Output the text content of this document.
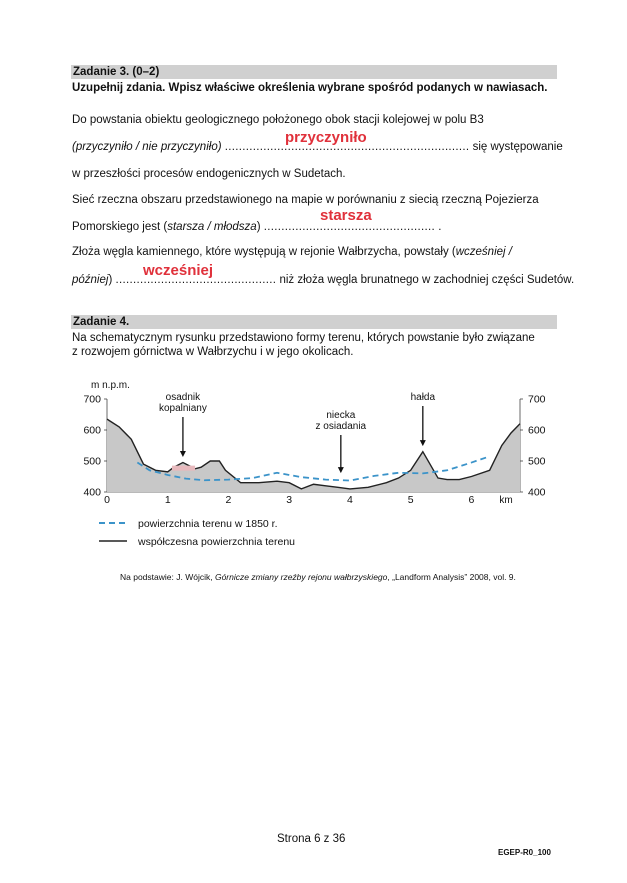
Zadanie 3. (0–2)
Uzupełnij zdania. Wpisz właściwe określenia wybrane spośród podanych w nawiasach.
Do powstania obiektu geologicznego położonego obok stacji kolejowej w polu B3
(przyczyniło / nie przyczyniło) ...................................................................... się występowanie
przyczyniło
w przeszłości procesów endogenicznych w Sudetach.
Sieć rzeczna obszaru przedstawionego na mapie w porównaniu z siecią rzeczną Pojezierza
Pomorskiego jest (starsza / młodsza) ................................................. .
starsza
Złoża węgla kamiennego, które występują w rejonie Wałbrzycha, powstały (wcześniej /
później) .............................................. niż złoża węgla brunatnego w zachodniej części Sudetów.
wcześniej
Zadanie 4.
Na schematycznym rysunku przedstawiono formy terenu, których powstanie było związane
z rozwojem górnictwa w Wałbrzychu i w jego okolicach.
osadnik
kopalniany
niecka
z osiadania
hałda
700	700
600	600
500	500
400	400
m n.p.m.
0	1	2	3	4	5	6 km
powierzchnia terenu w 1850 r.
współczesna powierzchnia terenu
Na podstawie: J. Wójcik, Górnicze zmiany rzeźby rejonu wałbrzyskiego, „Landform Analysis” 2008, vol. 9.
Strona 6 z 36
EGEP-R0_100
